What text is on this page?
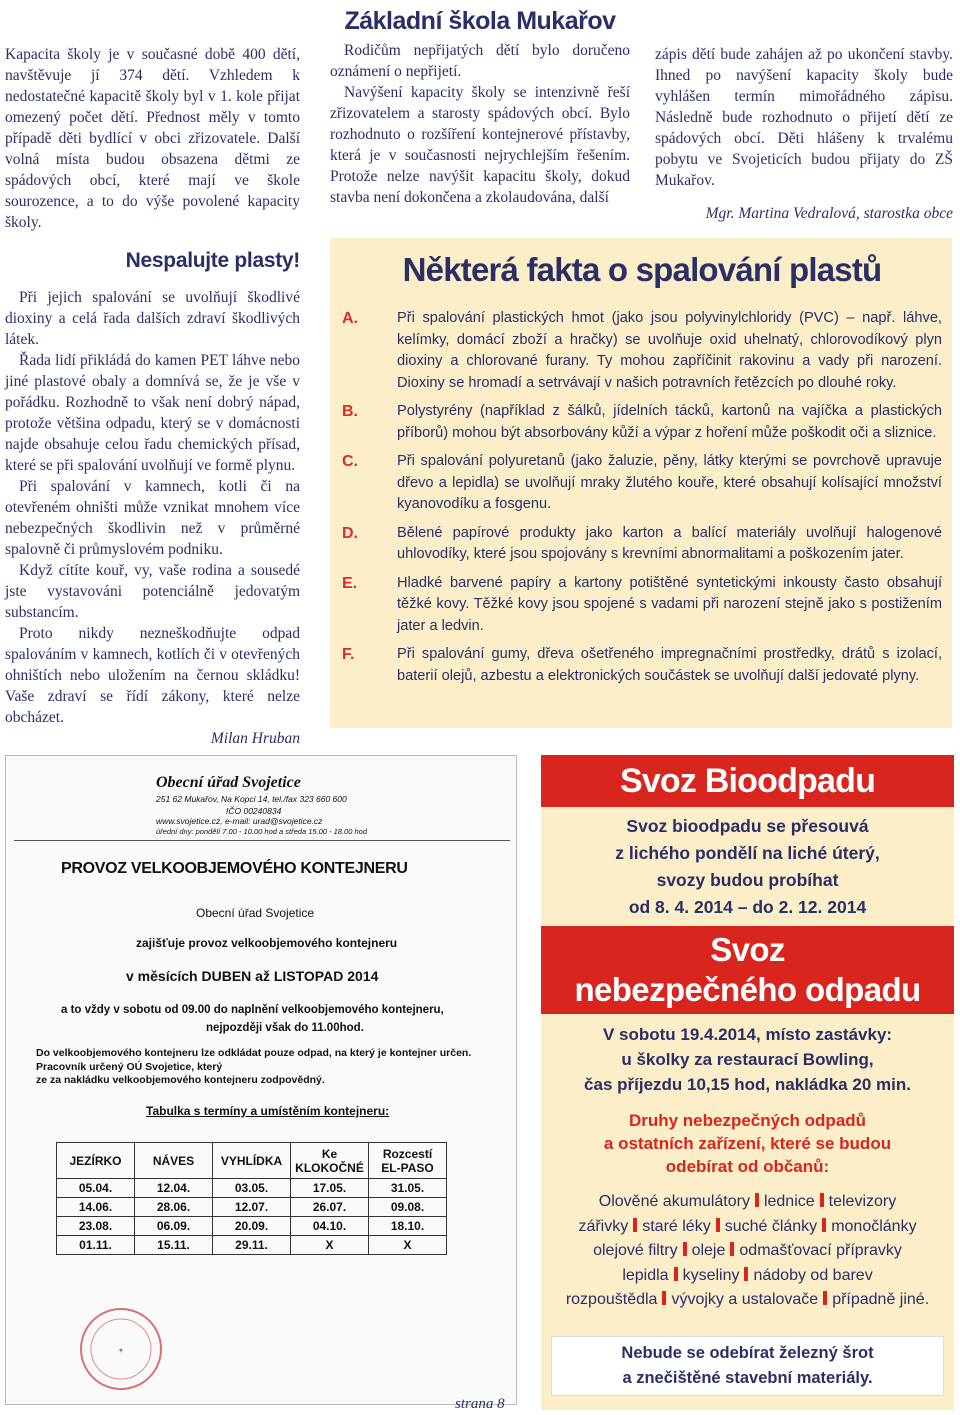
Kapacita školy je v současné době 400 dětí, navštěvuje jí 374 dětí. Vzhledem k nedostatečné kapacitě školy byl v 1. kole přijat omezený počet dětí. Přednost měly v tomto případě děti bydlící v obci zřizovatele. Další volná místa budou obsazena dětmi ze spádových obcí, které mají ve škole sourozence, a to do výše povolené kapacity školy.

Základní škola Mukařov

Rodičům nepřijatých dětí bylo doručeno oznámení o nepřijetí.

Navýšení kapacity školy se intenzivně řeší zřizovatelem a starosty spádových obcí. Bylo rozhodnuto o rozšíření kontejnerové přístavby, která je v současnosti nejrychlejším řešením. Protože nelze navýšit kapacitu školy, dokud stavba není dokončena a zkolaudována, další

zápis dětí bude zahájen až po ukončení stavby. Ihned po navýšení kapacity školy bude vyhlášen termín mimořádného zápisu. Následně bude rozhodnuto o přijetí dětí ze spádových obcí. Děti hlášeny k trvalému pobytu ve Svojeticích budou přijaty do ZŠ Mukařov.

Mgr. Martina Vedralová, starostka obce

Nespalujte plasty!

Při jejich spalování se uvolňují škodlivé dioxiny a celá řada dalších zdraví škodlivých látek.

Řada lidí přikládá do kamen PET láhve nebo jiné plastové obaly a domnívá se, že je vše v pořádku. Rozhodně to však není dobrý nápad, protože většina odpadu, který se v domácnosti najde obsahuje celou řadu chemických přísad, které se při spalování uvolňují ve formě plynu.

Při spalování v kamnech, kotli či na otevřeném ohništi může vznikat mnohem více nebezpečných škodlivin než v průměrné spalovně či průmyslovém podniku.

Když cítíte kouř, vy, vaše rodina a sousedé jste vystavováni potenciálně jedovatým substancím.

Proto nikdy nezneškodňujte odpad spalováním v kamnech, kotlích či v otevřených ohništích nebo uložením na černou skládku! Vaše zdraví se řídí zákony, které nelze obcházet.

Milan Hruban

Některá fakta o spalování plastů
A.	Při spalování plastických hmot (jako jsou polyvinylchloridy (PVC) – např. láhve, kelímky, domácí zboží a hračky) se uvolňuje oxid uhelnatý, chlorovodíkový plyn dioxiny a chlorované furany. Ty mohou zapříčinit rakovinu a vady při narození. Dioxiny se hromadí a setrvávají v našich potravních řetězcích po dlouhé roky.
B.	Polystyrény (například z šálků, jídelních tácků, kartonů na vajíčka a plastických příborů) mohou být absorbovány kůží a výpar z hoření může poškodit oči a sliznice.
C.	Při spalování polyuretanů (jako žaluzie, pěny, látky kterými se povrchově upravuje dřevo a lepidla) se uvolňují mraky žlutého kouře, které obsahují kolísající množství kyanovodíku a fosgenu.
D.	Bělené papírové produkty jako karton a balící materiály uvolňují halogenové uhlovodíky, které jsou spojovány s krevními abnormalitami a poškozením jater.
E.	Hladké barvené papíry a kartony potištěné syntetickými inkousty často obsahují těžké kovy. Těžké kovy jsou spojené s vadami při narození stejně jako s postižením jater a ledvin.
F.	Při spalování gumy, dřeva ošetřeného impregnačními prostředky, drátů s izolací, baterií olejů, azbestu a elektronických součástek se uvolňují další jedovaté plyny.
Obecní úřad Svojetice
251 62 Mukařov, Na Kopci 14, tel./fax 323 660 600
IČO 00240834
www.svojetice.cz, e-mail: urad@svojetice.cz
úřední dny: pondělí 7.00 - 10.00 hod a středa 15.00 - 18.00 hod
PROVOZ VELKOOBJEMOVÉHO KONTEJNERU
Obecní úřad Svojetice
zajišťuje provoz velkoobjemového kontejneru
v měsících DUBEN až LISTOPAD 2014
a to vždy v sobotu od 09.00 do naplnění velkoobjemového kontejneru,
nejpozději však do 11.00hod.
Do velkoobjemového kontejneru lze odkládat pouze odpad, na který je kontejner určen. Pracovník určený OÚ Svojetice, který
ze za nakládku velkoobjemového kontejneru zodpovědný.
Tabulka s termíny a umístěním kontejneru:
JEZÍRKO	NÁVES	VYHLÍDKA	Ke KLOKOČNÉ	Rozcestí EL-PASO
05.04.	12.04.	03.05.	17.05.	31.05.
14.06.	28.06.	12.07.	26.07.	09.08.
23.08.	06.09.	20.09.	04.10.	18.10.
01.11.	15.11.	29.11.	X	X
✦
Svoz Bioodpadu
Svoz bioodpadu se přesouvá
z lichého pondělí na liché úterý,
svozy budou probíhat
od 8. 4. 2014 – do 2. 12. 2014
Svoz
nebezpečného odpadu
V sobotu 19.4.2014, místo zastávky:
u školky za restaurací Bowling,
čas příjezdu 10,15 hod, nakládka 20 min.
Druhy nebezpečných odpadů
a ostatních zařízení, které se budou
odebírat od občanů:
Olověné akumulátory lednice televizory
zářivky staré léky suché články monočlánky
olejové filtry oleje odmašťovací přípravky
lepidla kyseliny nádoby od barev
rozpouštědla vývojky a ustalovače případně jiné.
Nebude se odebírat železný šrot
a znečištěné stavební materiály.
strana 8
